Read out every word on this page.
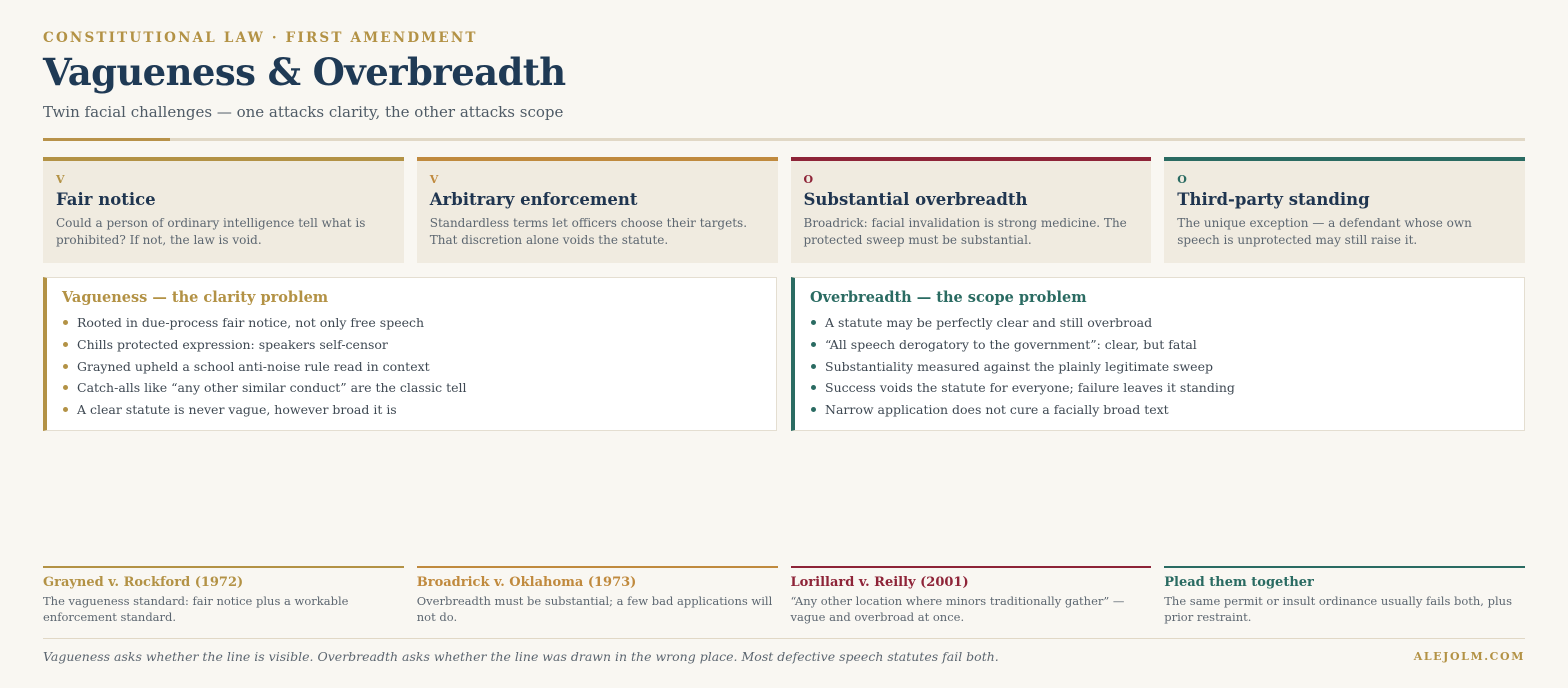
CONSTITUTIONAL LAW · FIRST AMENDMENT
Vagueness & Overbreadth
Twin facial challenges — one attacks clarity, the other attacks scope
V
Fair notice
Could a person of ordinary intelligence tell what is prohibited? If not, the law is void.
V
Arbitrary enforcement
Standardless terms let officers choose their targets. That discretion alone voids the statute.
O
Substantial overbreadth
Broadrick: facial invalidation is strong medicine. The protected sweep must be substantial.
O
Third-party standing
The unique exception — a defendant whose own speech is unprotected may still raise it.
Vagueness — the clarity problem
Rooted in due-process fair notice, not only free speech
Chills protected expression: speakers self-censor
Grayned upheld a school anti-noise rule read in context
Catch-alls like “any other similar conduct” are the classic tell
A clear statute is never vague, however broad it is
Overbreadth — the scope problem
A statute may be perfectly clear and still overbroad
“All speech derogatory to the government”: clear, but fatal
Substantiality measured against the plainly legitimate sweep
Success voids the statute for everyone; failure leaves it standing
Narrow application does not cure a facially broad text
Grayned v. Rockford (1972)
The vagueness standard: fair notice plus a workable enforcement standard.
Broadrick v. Oklahoma (1973)
Overbreadth must be substantial; a few bad applications will not do.
Lorillard v. Reilly (2001)
“Any other location where minors traditionally gather” — vague and overbroad at once.
Plead them together
The same permit or insult ordinance usually fails both, plus prior restraint.
Vagueness asks whether the line is visible. Overbreadth asks whether the line was drawn in the wrong place. Most defective speech statutes fail both.	ALEJOLM.COM
